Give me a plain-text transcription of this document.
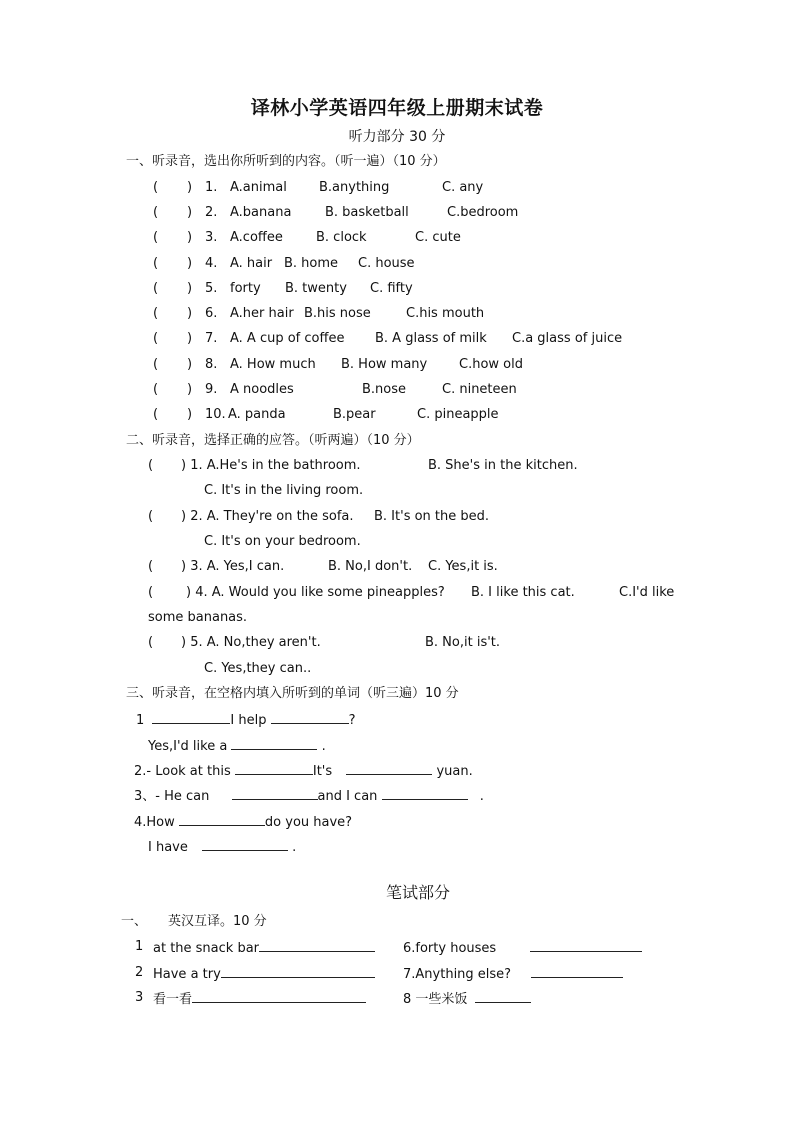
译林小学英语四年级上册期末试卷
听力部分 30 分
一、听录音，选出你所听到的内容。（听一遍）（10 分）
(       ) 1. A.animal B.anything	C. any
(       ) 2. A.banana	B. basketball	C.bedroom
(       ) 3. A.coffee	B. clock	C. cute
(       ) 4. A. hair B. home C. house
(       ) 5. forty B. twenty C. fifty
(       ) 6. A.her hair B.his nose	C.his mouth
(       ) 7. A. A cup of coffee B. A glass of milk C.a glass of juice
(       ) 8. A. How much B. How many C.how old
(       ) 9. A noodles	B.nose	C. nineteen
(       ) 10. A. panda	B.pear	C. pineapple
二、听录音，选择正确的应答。（听两遍）（10 分）
( ) 1. A.He's in the bathroom.	B. She's in the kitchen.
C. It's in the living room.
( ) 2. A. They're on the sofa. B. It's on the bed.
C. It's on your bedroom.
( ) 3. A. Yes,I can.	B. No,I don't. C. Yes,it is.
(	) 4. A. Would you like some pineapples? B. I like this cat.	C.I'd like
some bananas.
( ) 5. A. No,they aren't.	B. No,it is't.
C. Yes,they can..
三、听录音，在空格内填入所听到的单词（听三遍）10 分
1	I help	?
Yes,I'd like a	.
2.- Look at this	It's	yuan.
3、- He can	and I can	.
4.How	do you have?
I have	.
笔试部分
一、 英汉互译。10 分
1 at the snack bar	6.forty houses
2 Have a try	7.Anything else?
3 看一看	8 一些米饭
